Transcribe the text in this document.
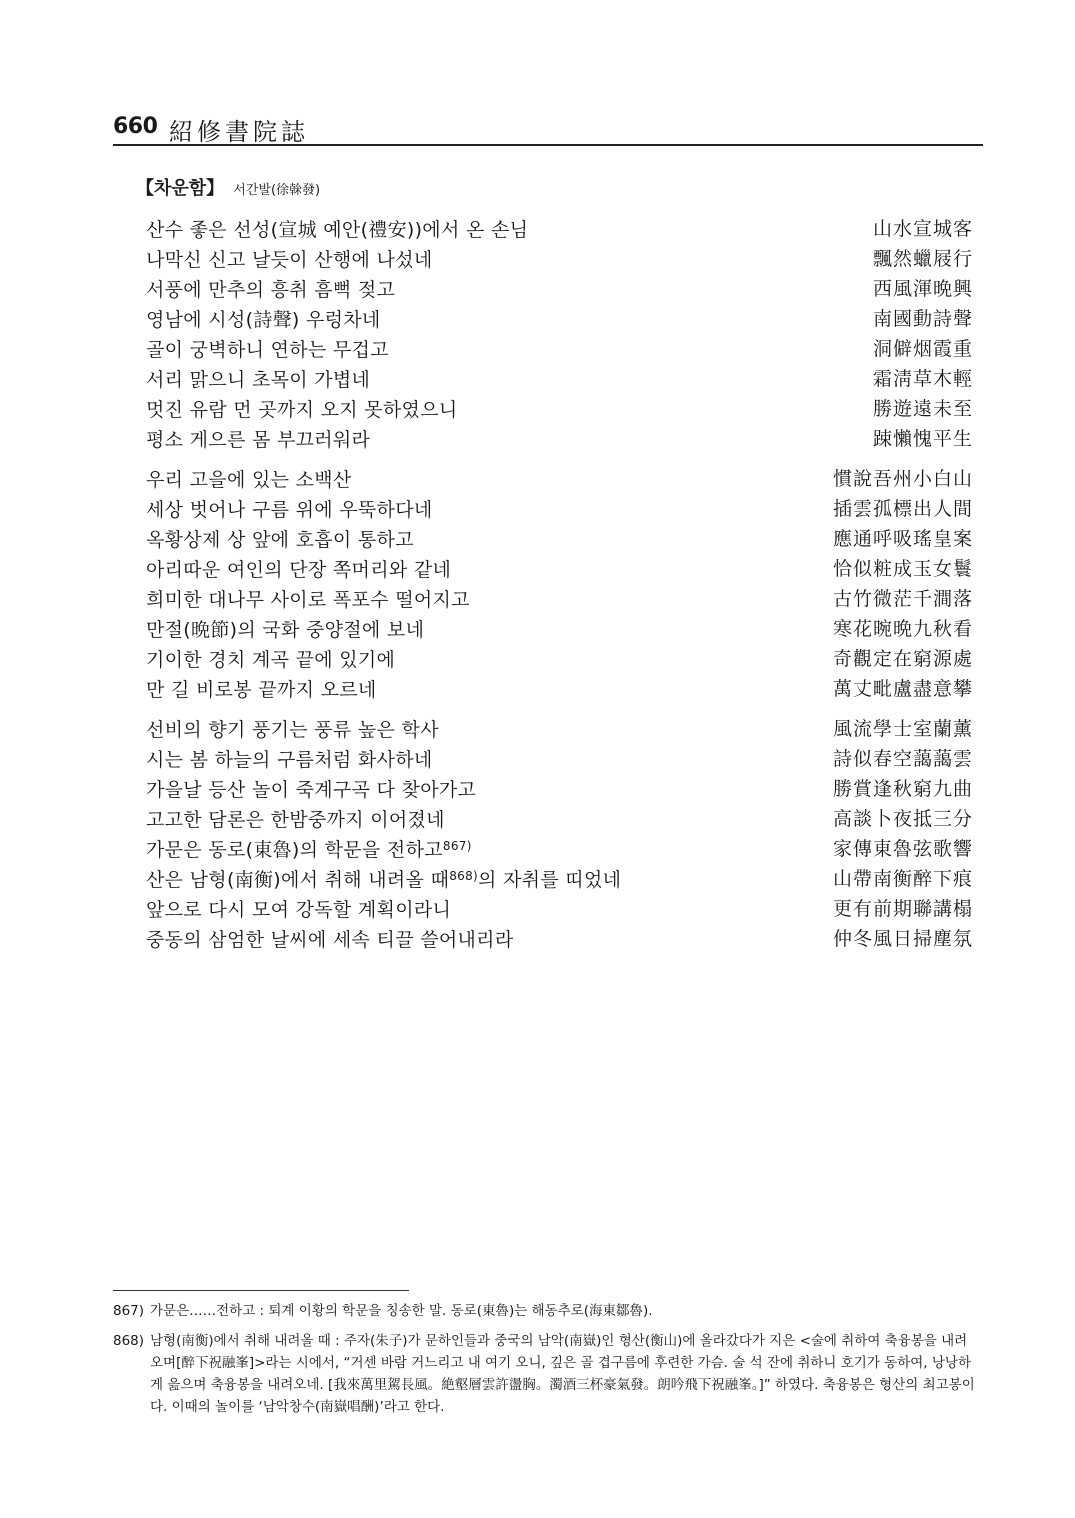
660 紹修書院誌
【차운함】 서간발(徐榦發)
산수 좋은 선성(宣城 예안(禮安))에서 온 손님	山水宣城客
나막신 신고 날듯이 산행에 나섰네	飄然蠟屐行
서풍에 만추의 흥취 흠뻑 젖고	西風渾晩興
영남에 시성(詩聲) 우렁차네	南國動詩聲
골이 궁벽하니 연하는 무겁고	洞僻烟霞重
서리 맑으니 초목이 가볍네	霜淸草木輕
멋진 유람 먼 곳까지 오지 못하였으니	勝遊遠未至
평소 게으른 몸 부끄러워라	踈懶愧平生
우리 고을에 있는 소백산	慣說吾州小白山
세상 벗어나 구름 위에 우뚝하다네	插雲孤標出人間
옥황상제 상 앞에 호흡이 통하고	應通呼吸瑤皇案
아리따운 여인의 단장 쪽머리와 같네	恰似粧成玉女鬟
희미한 대나무 사이로 폭포수 떨어지고	古竹微茫千澗落
만절(晩節)의 국화 중양절에 보네	寒花晼晩九秋看
기이한 경치 계곡 끝에 있기에	奇觀定在窮源處
만 길 비로봉 끝까지 오르네	萬丈毗盧盡意攀
선비의 향기 풍기는 풍류 높은 학사	風流學士室蘭薰
시는 봄 하늘의 구름처럼 화사하네	詩似春空藹藹雲
가을날 등산 놀이 죽계구곡 다 찾아가고	勝賞逢秋窮九曲
고고한 담론은 한밤중까지 이어졌네	高談卜夜抵三分
가문은 동로(東魯)의 학문을 전하고$^{867)}$	家傳東魯弦歌響
산은 남형(南衡)에서 취해 내려올 때$^{868)}$의 자취를 띠었네	山帶南衡醉下痕
앞으로 다시 모여 강독할 계획이라니	更有前期聯講榻
중동의 삼엄한 날씨에 세속 티끌 쓸어내리라	仲冬風日掃塵氛
867) 가문은……전하고 : 퇴계 이황의 학문을 칭송한 말. 동로(東魯)는 해동추로(海東鄒魯).
868) 남형(南衡)에서 취해 내려올 때 : 주자(朱子)가 문하인들과 중국의 남악(南嶽)인 형산(衡山)에 올라갔다가 지은 <술에 취하여 축융봉을 내려오며[醉下祝融峯]>라는 시에서, “거센 바람 거느리고 내 여기 오니, 깊은 골 겹구름에 후련한 가슴. 술 석 잔에 취하니 호기가 동하여, 낭낭하게 읊으며 축융봉을 내려오네. [我來萬里駕長風。絶壑層雲許盪胸。濁酒三杯豪氣發。朗吟飛下祝融峯。]” 하였다. 축융봉은 형산의 최고봉이다. 이때의 놀이를 ‘남악창수(南嶽唱酬)’라고 한다.
